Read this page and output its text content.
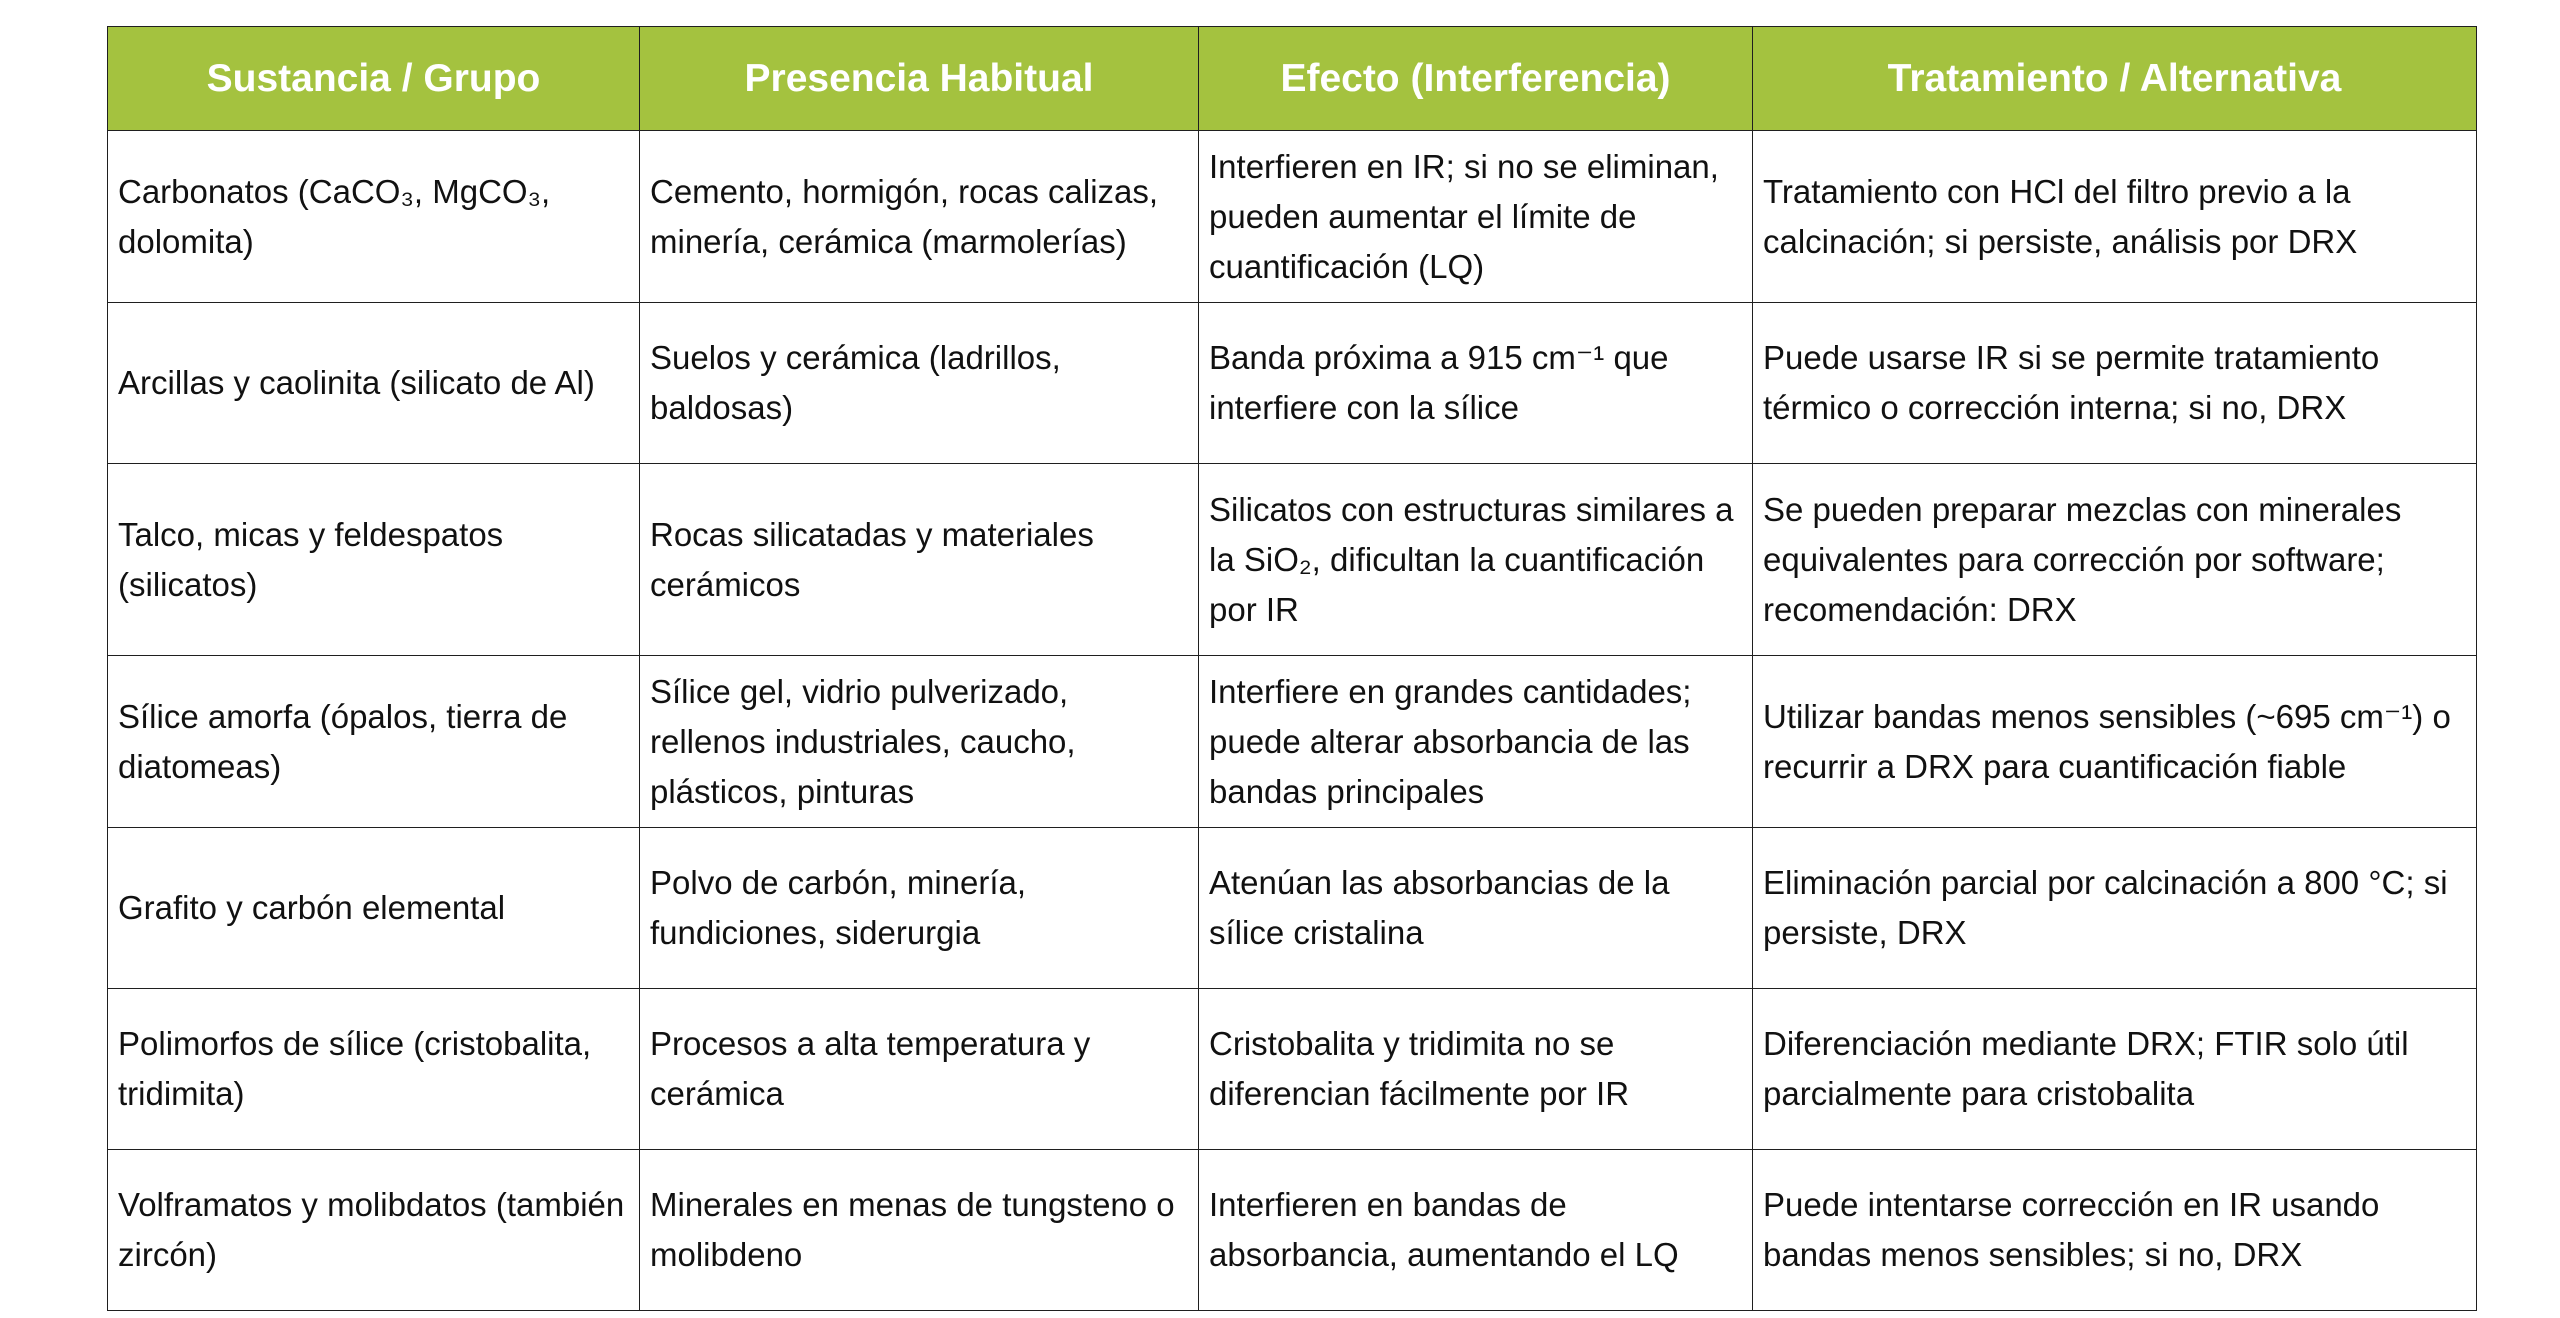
Sustancia / Grupo	Presencia Habitual	Efecto (Interferencia)	Tratamiento / Alternativa
Carbonatos (CaCO₃, MgCO₃, dolomita)	Cemento, hormigón, rocas calizas, minería, cerámica (marmolerías)	Interfieren en IR; si no se eliminan, pueden aumentar el límite de cuantificación (LQ)	Tratamiento con HCl del filtro previo a la calcinación; si persiste, análisis por DRX
Arcillas y caolinita (silicato de Al)	Suelos y cerámica (ladrillos, baldosas)	Banda próxima a 915 cm⁻¹ que interfiere con la sílice	Puede usarse IR si se permite tratamiento térmico o corrección interna; si no, DRX
Talco, micas y feldespatos (silicatos)	Rocas silicatadas y materiales cerámicos	Silicatos con estructuras similares a la SiO₂, dificultan la cuantificación por IR	Se pueden preparar mezclas con minerales equivalentes para corrección por software; recomendación: DRX
Sílice amorfa (ópalos, tierra de diatomeas)	Sílice gel, vidrio pulverizado, rellenos industriales, caucho, plásticos, pinturas	Interfiere en grandes cantidades; puede alterar absorbancia de las bandas principales	Utilizar bandas menos sensibles (~695 cm⁻¹) o recurrir a DRX para cuantificación fiable
Grafito y carbón elemental	Polvo de carbón, minería, fundiciones, siderurgia	Atenúan las absorbancias de la sílice cristalina	Eliminación parcial por calcinación a 800 °C; si persiste, DRX
Polimorfos de sílice (cristobalita, tridimita)	Procesos a alta temperatura y cerámica	Cristobalita y tridimita no se diferencian fácilmente por IR	Diferenciación mediante DRX; FTIR solo útil parcialmente para cristobalita
Volframatos y molibdatos (también zircón)	Minerales en menas de tungsteno o molibdeno	Interfieren en bandas de absorbancia, aumentando el LQ	Puede intentarse corrección en IR usando bandas menos sensibles; si no, DRX
